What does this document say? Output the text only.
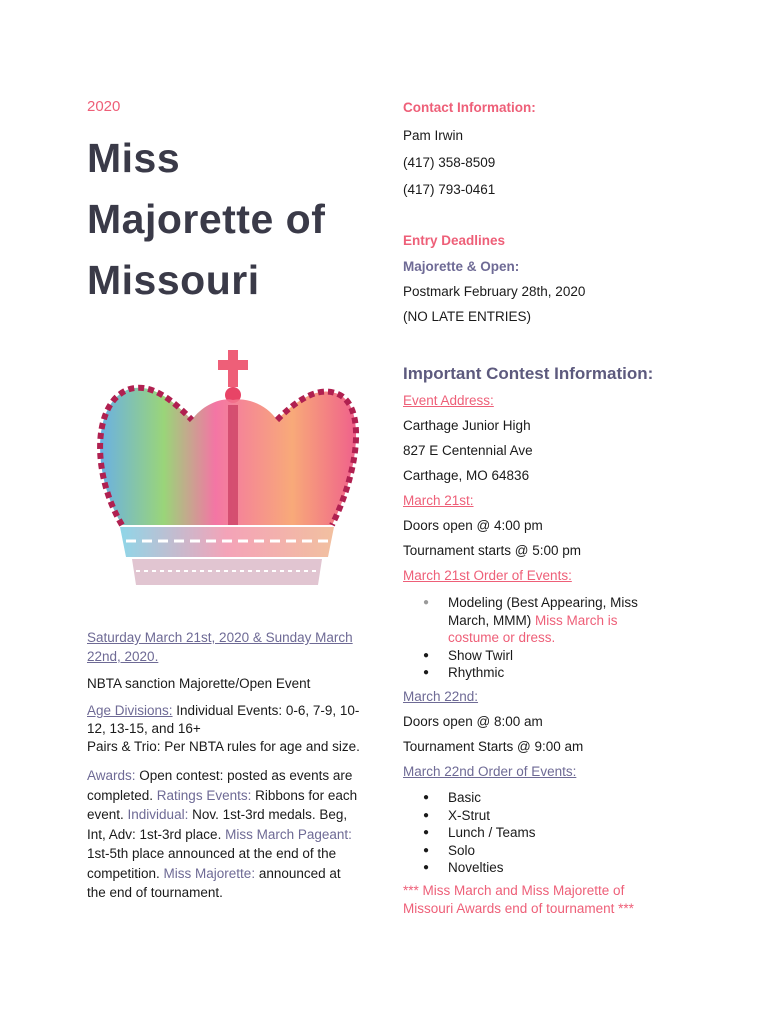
2020
Miss Majorette of Missouri
Saturday March 21st, 2020 & Sunday March 22nd, 2020.
NBTA sanction Majorette/Open Event
Age Divisions: Individual Events: 0-6, 7-9, 10-12, 13-15, and 16+
Pairs & Trio: Per NBTA rules for age and size.
Awards: Open contest: posted as events are completed. Ratings Events: Ribbons for each event. Individual: Nov. 1st-3rd medals. Beg, Int, Adv: 1st-3rd place. Miss March Pageant: 1st-5th place announced at the end of the competition. Miss Majorette: announced at the end of tournament.
Contact Information:
Pam Irwin
(417) 358-8509
(417) 793-0461
Entry Deadlines
Majorette & Open:
Postmark February 28th, 2020
(NO LATE ENTRIES)
Important Contest Information:
Event Address:
Carthage Junior High
827 E Centennial Ave
Carthage, MO 64836
March 21st:
Doors open @ 4:00 pm
Tournament starts @ 5:00 pm
March 21st Order of Events:
● Modeling (Best Appearing, Miss March, MMM) Miss March is costume or dress.
● Show Twirl
● Rhythmic
March 22nd:
Doors open @ 8:00 am
Tournament Starts @ 9:00 am
March 22nd Order of Events:
● Basic
● X-Strut
● Lunch / Teams
● Solo
● Novelties
*** Miss March and Miss Majorette of Missouri Awards end of tournament ***
